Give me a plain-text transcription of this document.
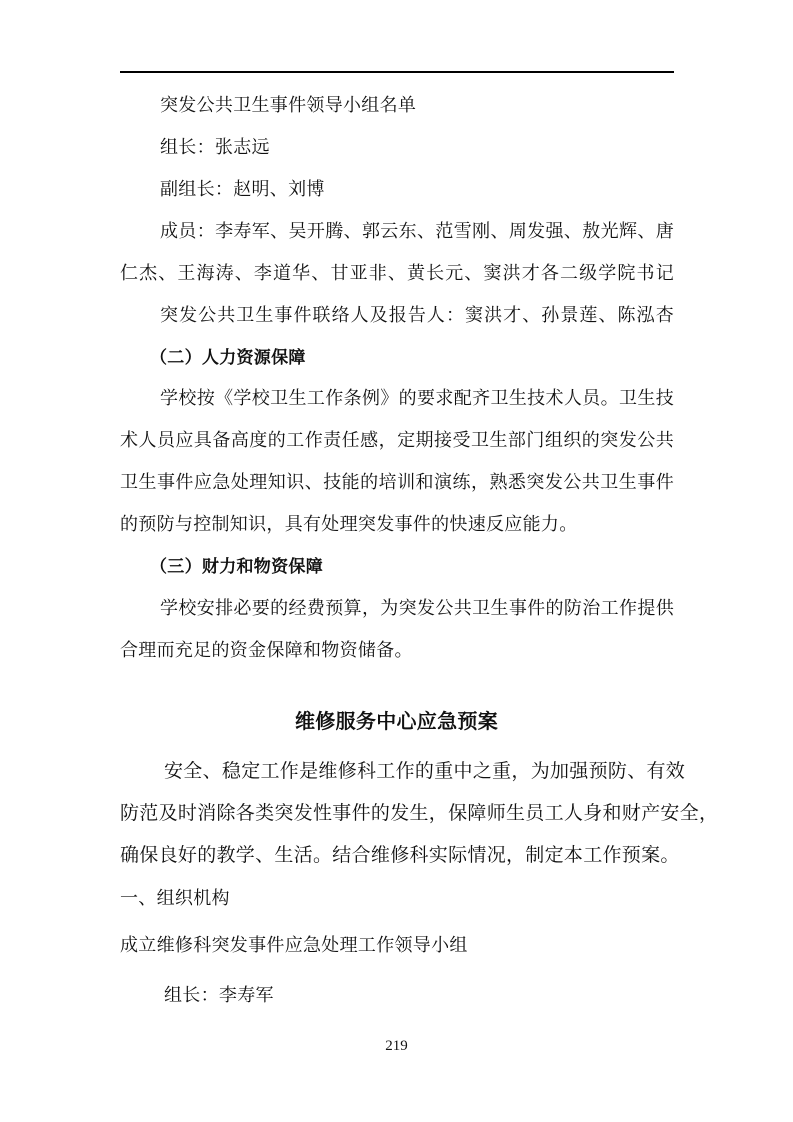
突发公共卫生事件领导小组名单
组长：张志远
副组长：赵明、刘博
成员：李寿军、吴开腾、郭云东、范雪刚、周发强、敖光辉、唐
仁杰、王海涛、李道华、甘亚非、黄长元、窦洪才各二级学院书记
突发公共卫生事件联络人及报告人：窦洪才、孙景莲、陈泓杏
（二）人力资源保障
学校按《学校卫生工作条例》的要求配齐卫生技术人员。卫生技
术人员应具备高度的工作责任感，定期接受卫生部门组织的突发公共
卫生事件应急处理知识、技能的培训和演练，熟悉突发公共卫生事件
的预防与控制知识，具有处理突发事件的快速反应能力。
（三）财力和物资保障
学校安排必要的经费预算，为突发公共卫生事件的防治工作提供
合理而充足的资金保障和物资储备。
维修服务中心应急预案
安全、稳定工作是维修科工作的重中之重，为加强预防、有效
防范及时消除各类突发性事件的发生，保障师生员工人身和财产安全，
确保良好的教学、生活。结合维修科实际情况，制定本工作预案。
一、组织机构
成立维修科突发事件应急处理工作领导小组
组长：李寿军
219
